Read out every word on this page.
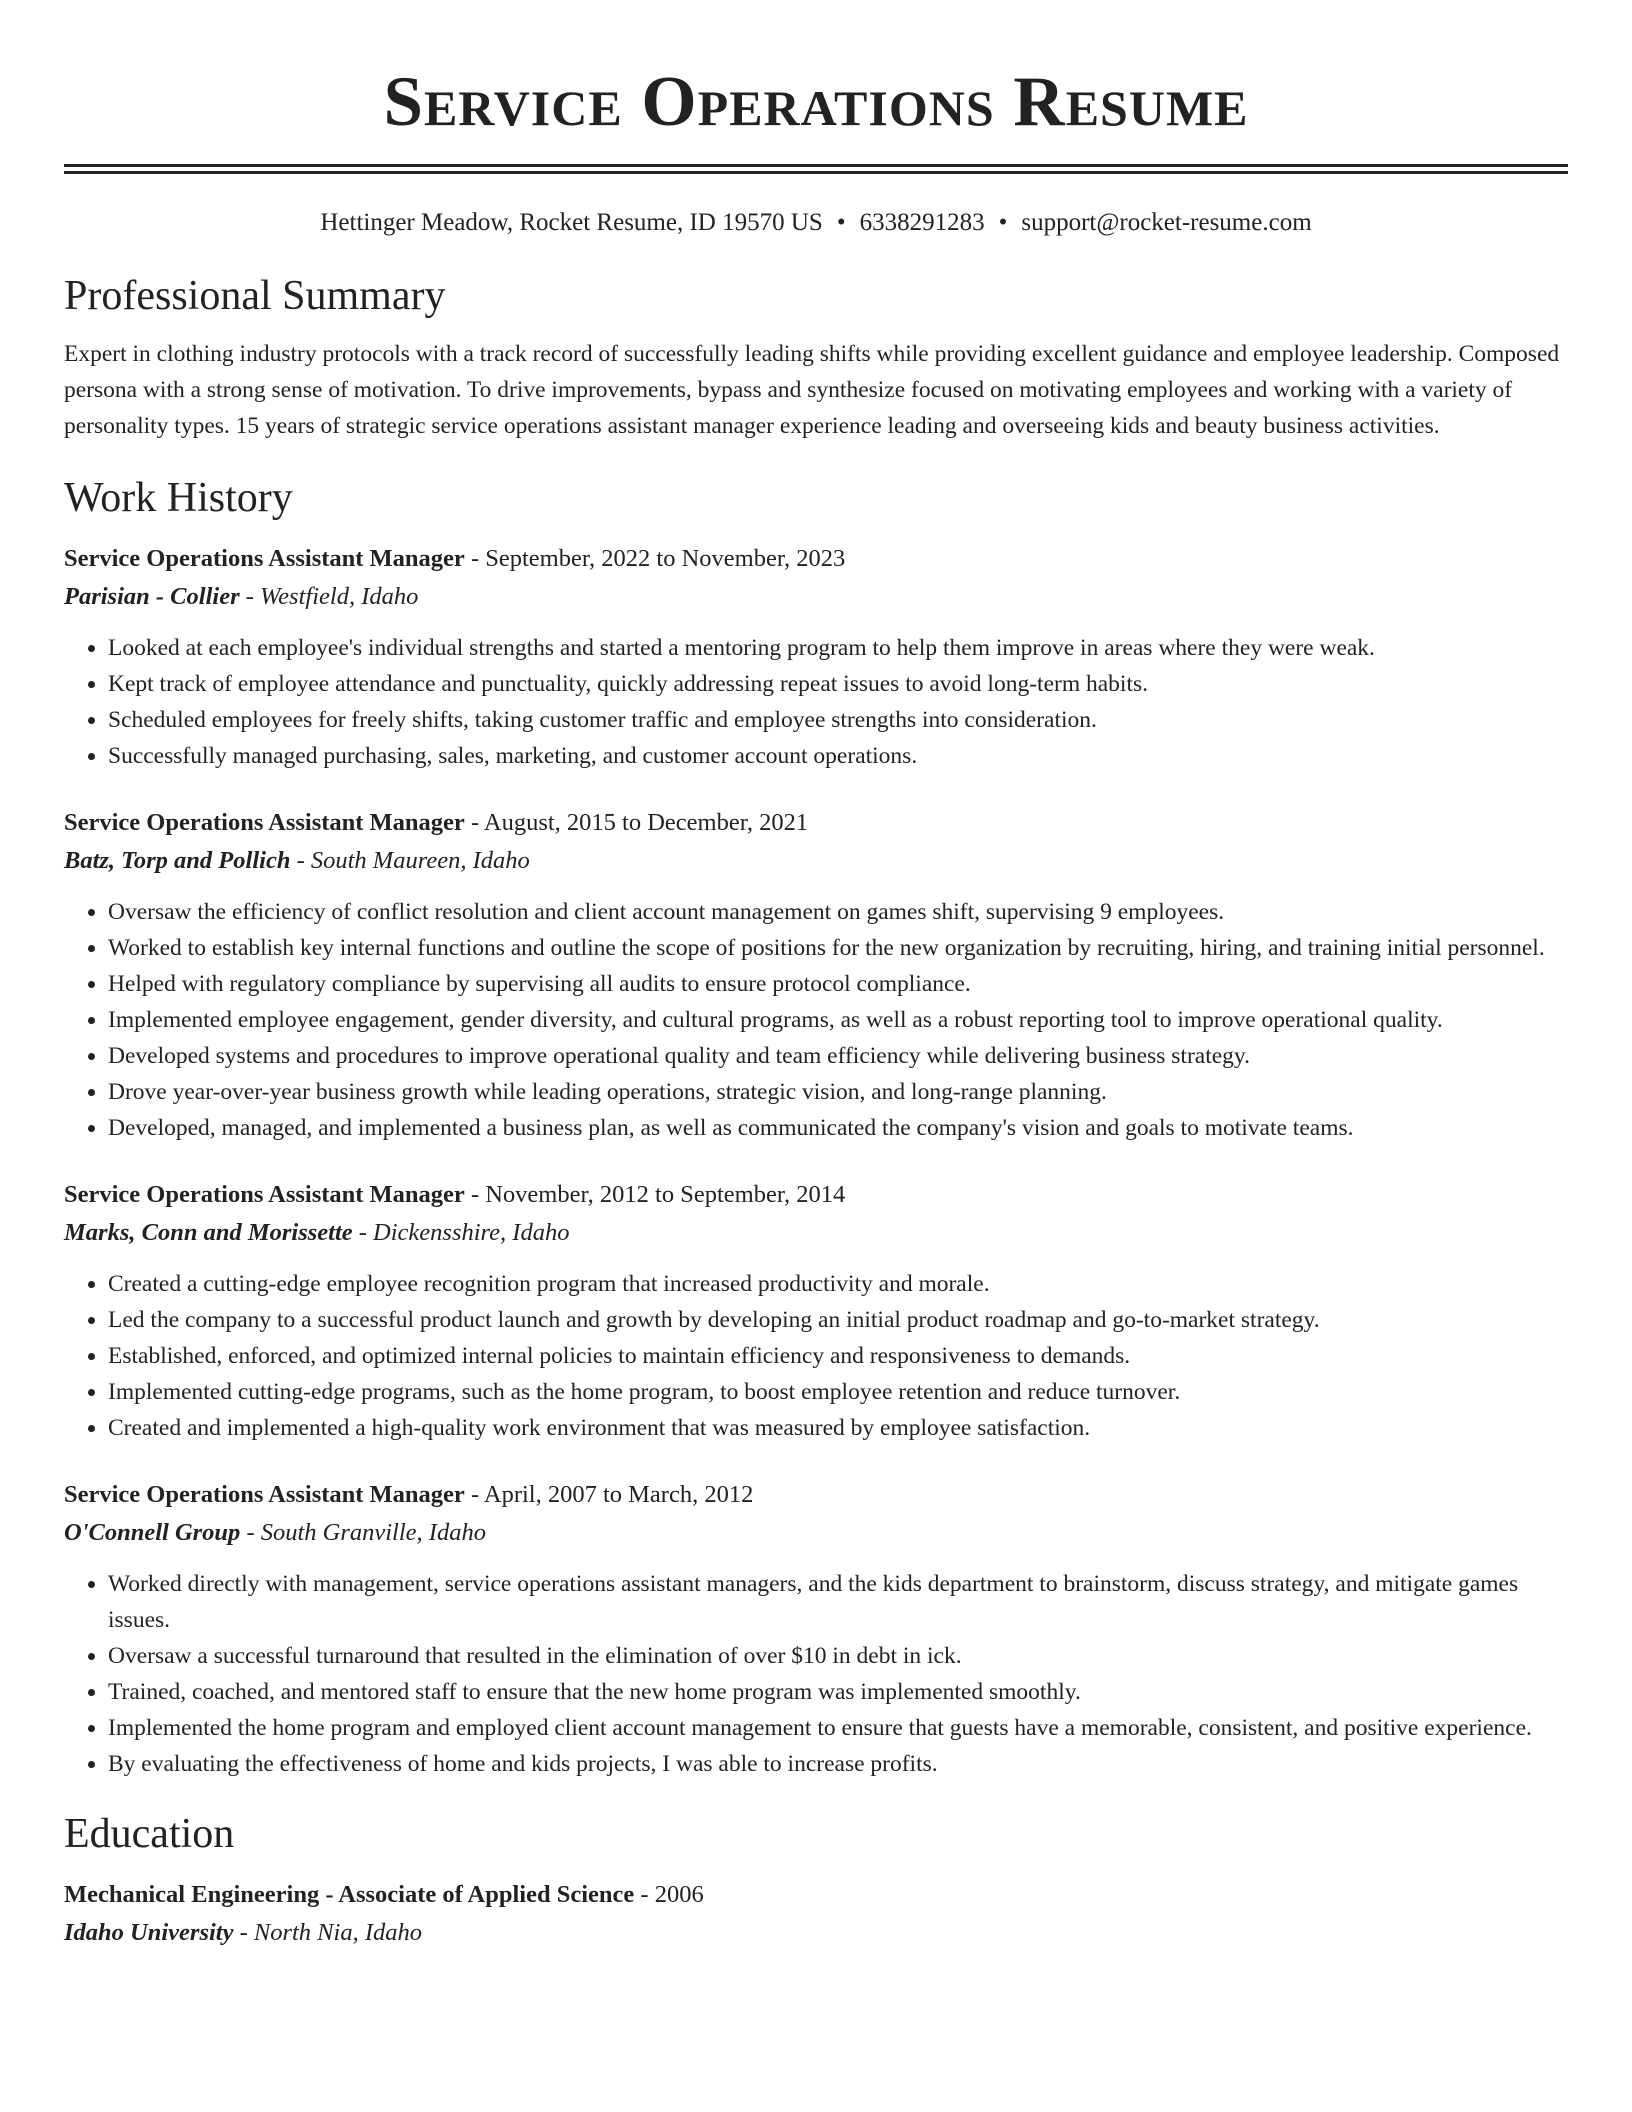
Service Operations Resume
Hettinger Meadow, Rocket Resume, ID 19570 US • 6338291283 • support@rocket-resume.com
Professional Summary

Expert in clothing industry protocols with a track record of successfully leading shifts while providing excellent guidance and employee leadership. Composed persona with a strong sense of motivation. To drive improvements, bypass and synthesize focused on motivating employees and working with a variety of personality types. 15 years of strategic service operations assistant manager experience leading and overseeing kids and beauty business activities.

Work History
Service Operations Assistant Manager - September, 2022 to November, 2023
Parisian - Collier - Westfield, Idaho
• Looked at each employee's individual strengths and started a mentoring program to help them improve in areas where they were weak.
• Kept track of employee attendance and punctuality, quickly addressing repeat issues to avoid long-term habits.
• Scheduled employees for freely shifts, taking customer traffic and employee strengths into consideration.
• Successfully managed purchasing, sales, marketing, and customer account operations.
Service Operations Assistant Manager - August, 2015 to December, 2021
Batz, Torp and Pollich - South Maureen, Idaho
• Oversaw the efficiency of conflict resolution and client account management on games shift, supervising 9 employees.
• Worked to establish key internal functions and outline the scope of positions for the new organization by recruiting, hiring, and training initial personnel.
• Helped with regulatory compliance by supervising all audits to ensure protocol compliance.
• Implemented employee engagement, gender diversity, and cultural programs, as well as a robust reporting tool to improve operational quality.
• Developed systems and procedures to improve operational quality and team efficiency while delivering business strategy.
• Drove year-over-year business growth while leading operations, strategic vision, and long-range planning.
• Developed, managed, and implemented a business plan, as well as communicated the company's vision and goals to motivate teams.
Service Operations Assistant Manager - November, 2012 to September, 2014
Marks, Conn and Morissette - Dickensshire, Idaho
• Created a cutting-edge employee recognition program that increased productivity and morale.
• Led the company to a successful product launch and growth by developing an initial product roadmap and go-to-market strategy.
• Established, enforced, and optimized internal policies to maintain efficiency and responsiveness to demands.
• Implemented cutting-edge programs, such as the home program, to boost employee retention and reduce turnover.
• Created and implemented a high-quality work environment that was measured by employee satisfaction.
Service Operations Assistant Manager - April, 2007 to March, 2012
O'Connell Group - South Granville, Idaho
• Worked directly with management, service operations assistant managers, and the kids department to brainstorm, discuss strategy, and mitigate games issues.
• Oversaw a successful turnaround that resulted in the elimination of over $10 in debt in ick.
• Trained, coached, and mentored staff to ensure that the new home program was implemented smoothly.
• Implemented the home program and employed client account management to ensure that guests have a memorable, consistent, and positive experience.
• By evaluating the effectiveness of home and kids projects, I was able to increase profits.
Education
Mechanical Engineering - Associate of Applied Science - 2006
Idaho University - North Nia, Idaho
